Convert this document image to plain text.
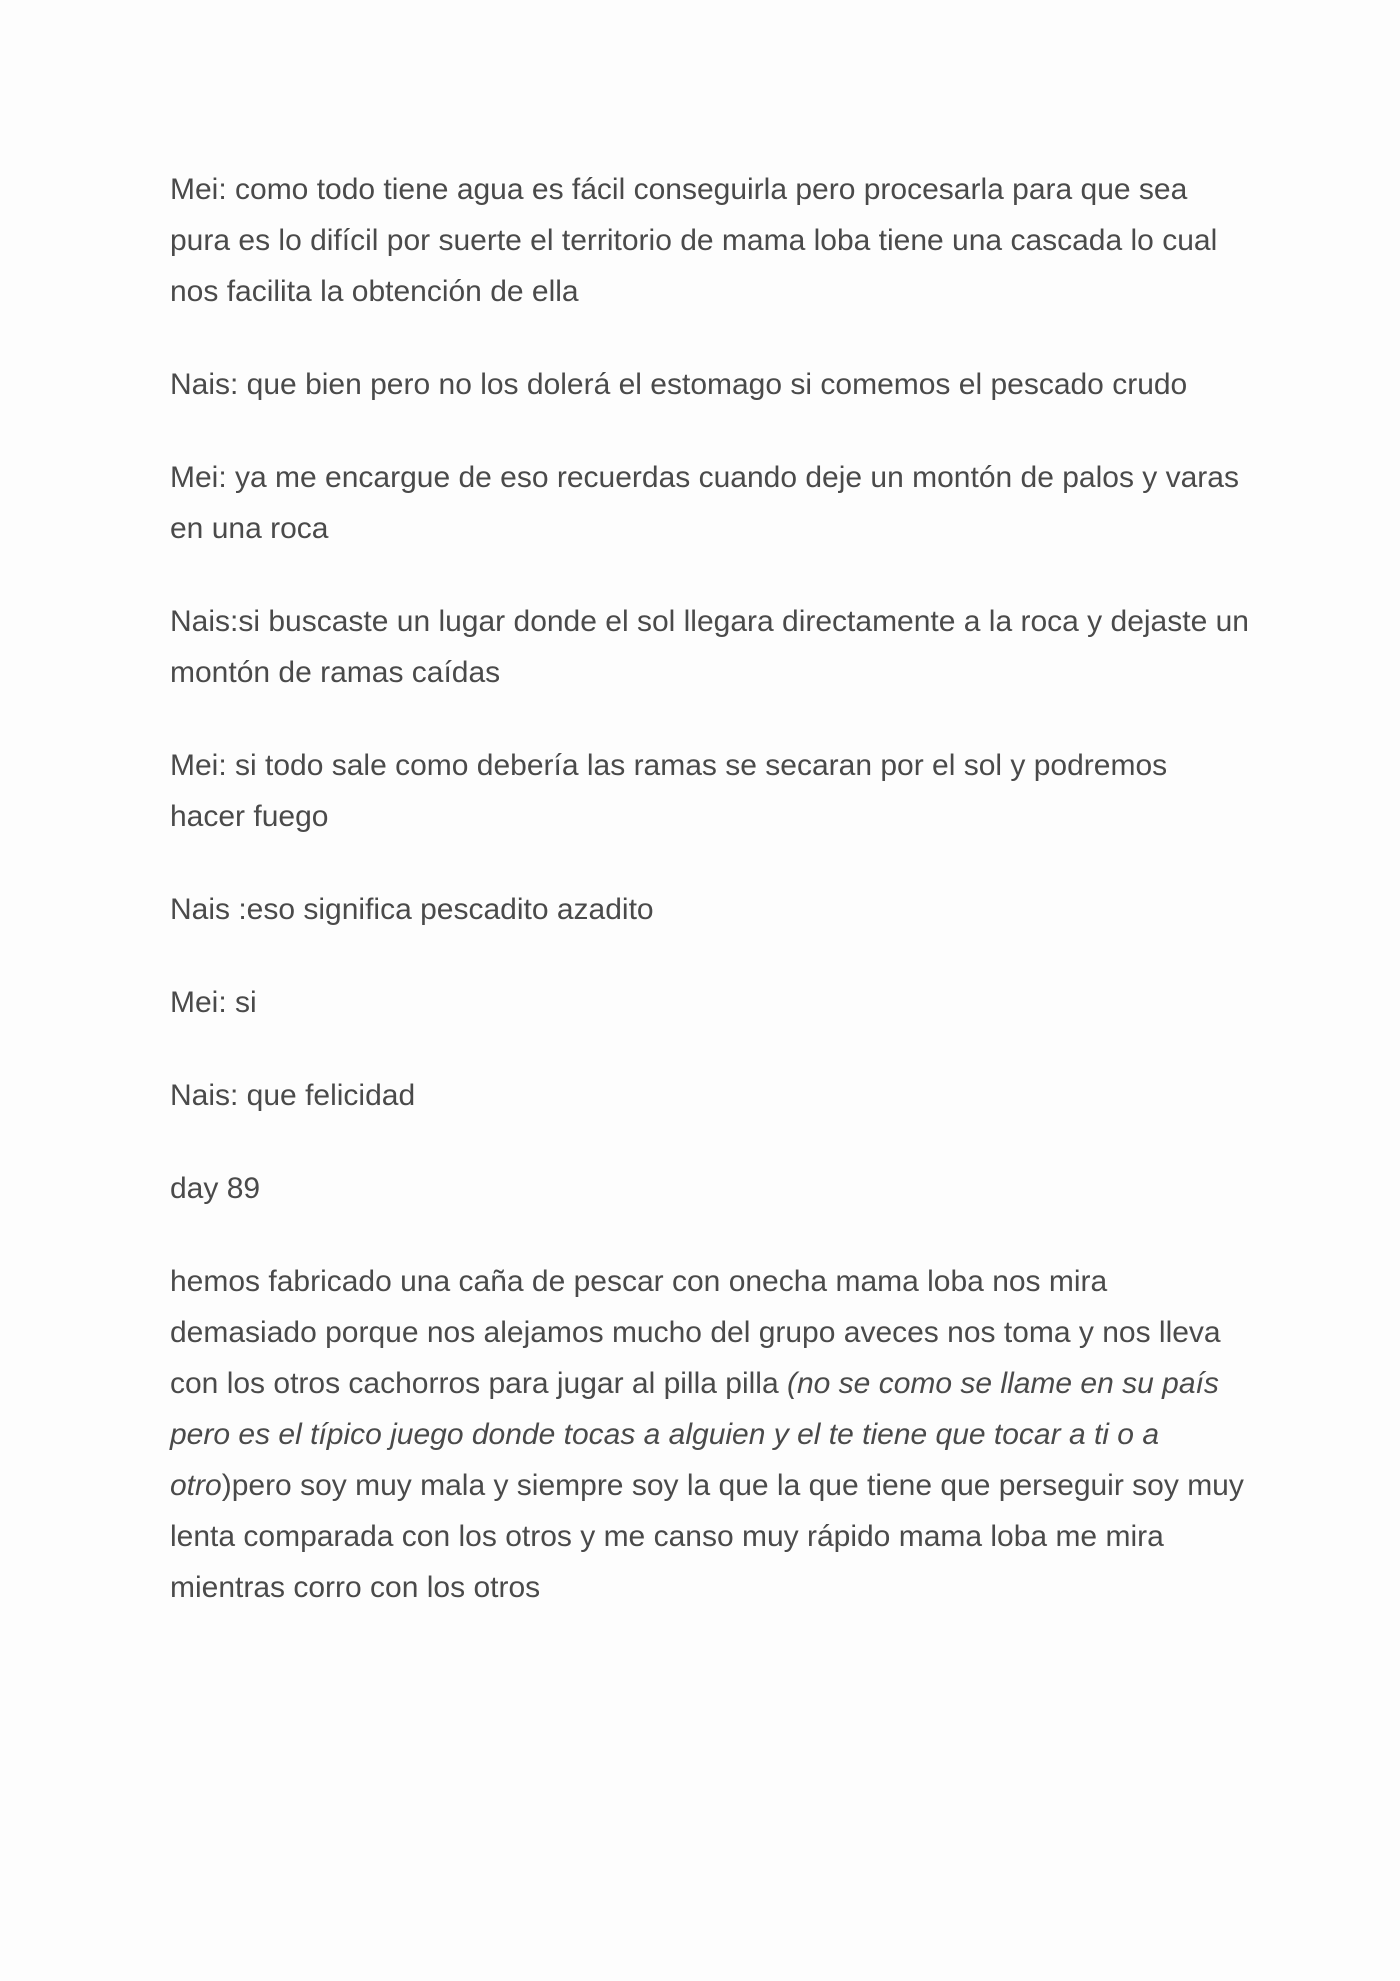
Mei: como todo tiene agua es fácil conseguirla pero procesarla para que sea pura es lo difícil por suerte el territorio de mama loba tiene una cascada lo cual nos facilita la obtención de ella

Nais: que bien pero no los dolerá el estomago si comemos el pescado crudo

Mei: ya me encargue de eso recuerdas cuando deje un montón de palos y varas en una roca

Nais:si buscaste un lugar donde el sol llegara directamente a la roca y dejaste un montón de ramas caídas

Mei: si todo sale como debería las ramas se secaran por el sol y podremos hacer fuego

Nais :eso significa pescadito azadito

Mei: si

Nais: que felicidad

day 89

hemos fabricado una caña de pescar con onecha mama loba nos mira demasiado porque nos alejamos mucho del grupo aveces nos toma y nos lleva con los otros cachorros para jugar al pilla pilla (no se como se llame en su país pero es el típico juego donde tocas a alguien y el te tiene que tocar a ti o a otro)pero soy muy mala y siempre soy la que la que tiene que perseguir soy muy lenta comparada con los otros y me canso muy rápido mama loba me mira mientras corro con los otros
